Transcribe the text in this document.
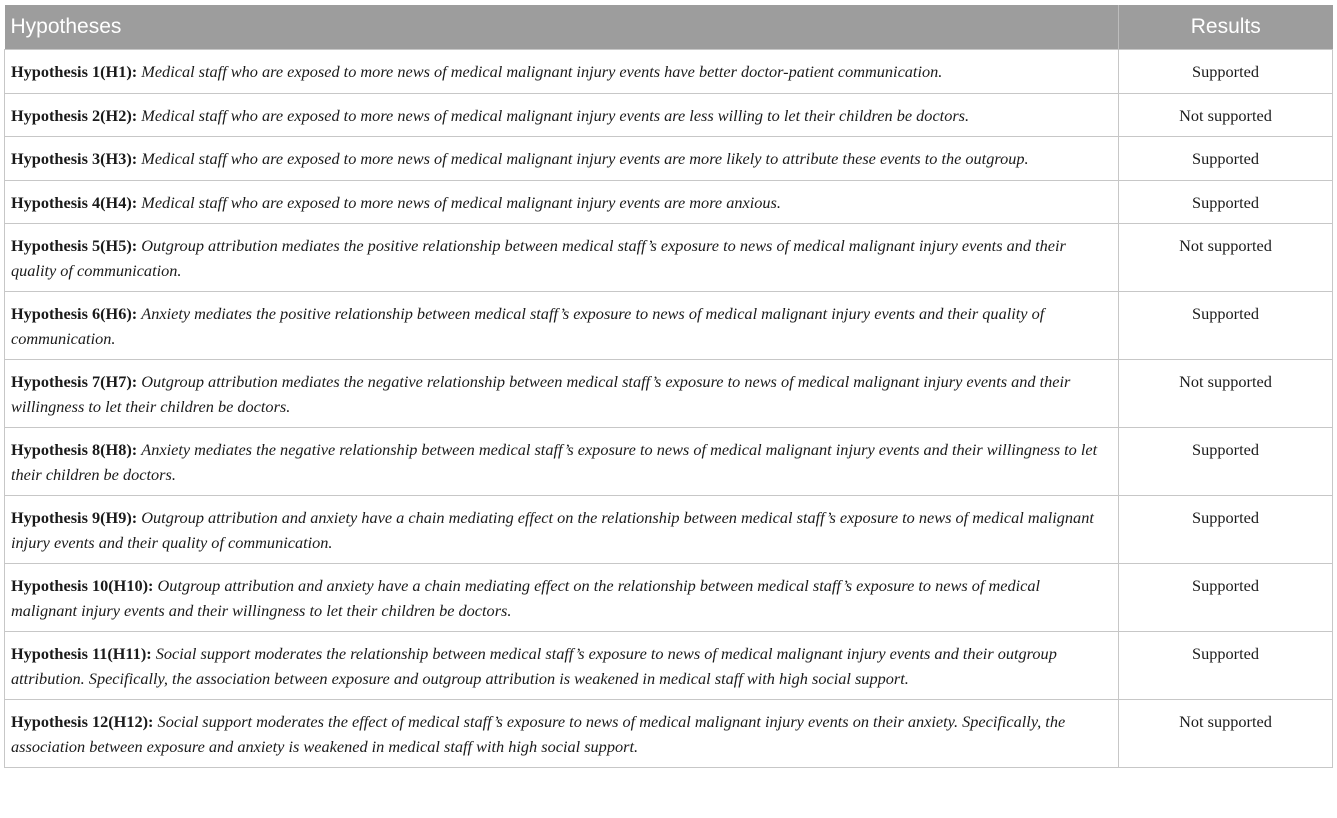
Hypotheses	Results
Hypothesis 1(H1): Medical staff who are exposed to more news of medical malignant injury events have better doctor-patient communication.	Supported
Hypothesis 2(H2): Medical staff who are exposed to more news of medical malignant injury events are less willing to let their children be doctors.	Not supported
Hypothesis 3(H3): Medical staff who are exposed to more news of medical malignant injury events are more likely to attribute these events to the outgroup.	Supported
Hypothesis 4(H4): Medical staff who are exposed to more news of medical malignant injury events are more anxious.	Supported
Hypothesis 5(H5): Outgroup attribution mediates the positive relationship between medical staff’s exposure to news of medical malignant injury events and their quality of communication.	Not supported
Hypothesis 6(H6): Anxiety mediates the positive relationship between medical staff’s exposure to news of medical malignant injury events and their quality of communication.	Supported
Hypothesis 7(H7): Outgroup attribution mediates the negative relationship between medical staff’s exposure to news of medical malignant injury events and their willingness to let their children be doctors.	Not supported
Hypothesis 8(H8): Anxiety mediates the negative relationship between medical staff’s exposure to news of medical malignant injury events and their willingness to let their children be doctors.	Supported
Hypothesis 9(H9): Outgroup attribution and anxiety have a chain mediating effect on the relationship between medical staff’s exposure to news of medical malignant injury events and their quality of communication.	Supported
Hypothesis 10(H10): Outgroup attribution and anxiety have a chain mediating effect on the relationship between medical staff’s exposure to news of medical malignant injury events and their willingness to let their children be doctors.	Supported
Hypothesis 11(H11): Social support moderates the relationship between medical staff’s exposure to news of medical malignant injury events and their outgroup attribution. Specifically, the association between exposure and outgroup attribution is weakened in medical staff with high social support.	Supported
Hypothesis 12(H12): Social support moderates the effect of medical staff’s exposure to news of medical malignant injury events on their anxiety. Specifically, the association between exposure and anxiety is weakened in medical staff with high social support.	Not supported
